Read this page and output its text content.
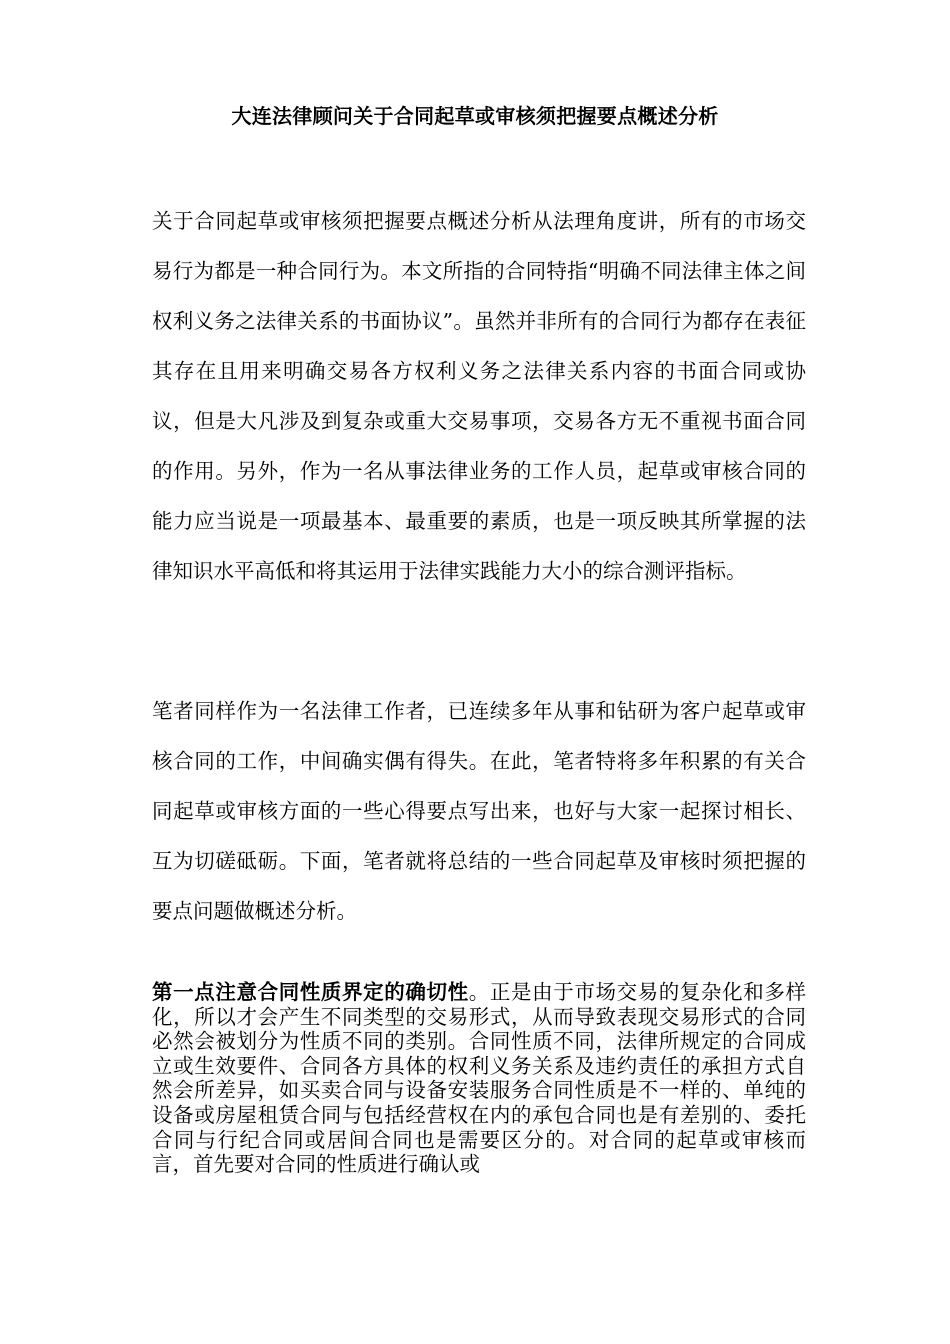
大连法律顾问关于合同起草或审核须把握要点概述分析

关于合同起草或审核须把握要点概述分析从法理角度讲，所有的市场交易行为都是一种合同行为。本文所指的合同特指“明确不同法律主体之间权利义务之法律关系的书面协议”。虽然并非所有的合同行为都存在表征其存在且用来明确交易各方权利义务之法律关系内容的书面合同或协议，但是大凡涉及到复杂或重大交易事项，交易各方无不重视书面合同的作用。另外，作为一名从事法律业务的工作人员，起草或审核合同的能力应当说是一项最基本、最重要的素质，也是一项反映其所掌握的法律知识水平高低和将其运用于法律实践能力大小的综合测评指标。

笔者同样作为一名法律工作者，已连续多年从事和钻研为客户起草或审核合同的工作，中间确实偶有得失。在此，笔者特将多年积累的有关合同起草或审核方面的一些心得要点写出来，也好与大家一起探讨相长、互为切磋砥砺。下面，笔者就将总结的一些合同起草及审核时须把握的要点问题做概述分析。

第一点注意合同性质界定的确切性。正是由于市场交易的复杂化和多样化，所以才会产生不同类型的交易形式，从而导致表现交易形式的合同必然会被划分为性质不同的类别。合同性质不同，法律所规定的合同成立或生效要件、合同各方具体的权利义务关系及违约责任的承担方式自然会所差异，如买卖合同与设备安装服务合同性质是不一样的、单纯的设备或房屋租赁合同与包括经营权在内的承包合同也是有差别的、委托合同与行纪合同或居间合同也是需要区分的。对合同的起草或审核而言，首先要对合同的性质进行确认或
